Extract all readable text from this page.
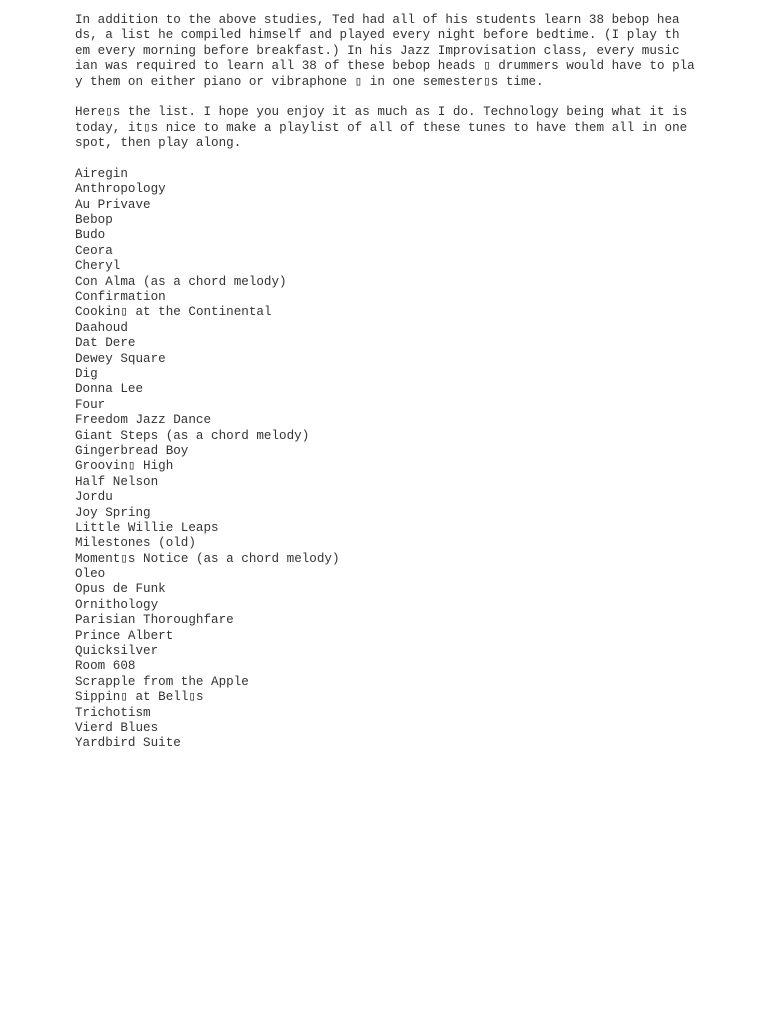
In addition to the above studies, Ted had all of his students learn 38 bebop hea
ds, a list he compiled himself and played every night before bedtime. (I play th
em every morning before breakfast.) In his Jazz Improvisation class, every music
ian was required to learn all 38 of these bebop heads ▯ drummers would have to pla
y them on either piano or vibraphone ▯ in one semester▯s time.
Here▯s the list. I hope you enjoy it as much as I do. Technology being what it is
today, it▯s nice to make a playlist of all of these tunes to have them all in one
spot, then play along.
Airegin
Anthropology
Au Privave
Bebop
Budo
Ceora
Cheryl
Con Alma (as a chord melody)
Confirmation
Cookin▯ at the Continental
Daahoud
Dat Dere
Dewey Square
Dig
Donna Lee
Four
Freedom Jazz Dance
Giant Steps (as a chord melody)
Gingerbread Boy
Groovin▯ High
Half Nelson
Jordu
Joy Spring
Little Willie Leaps
Milestones (old)
Moment▯s Notice (as a chord melody)
Oleo
Opus de Funk
Ornithology
Parisian Thoroughfare
Prince Albert
Quicksilver
Room 608
Scrapple from the Apple
Sippin▯ at Bell▯s
Trichotism
Vierd Blues
Yardbird Suite
